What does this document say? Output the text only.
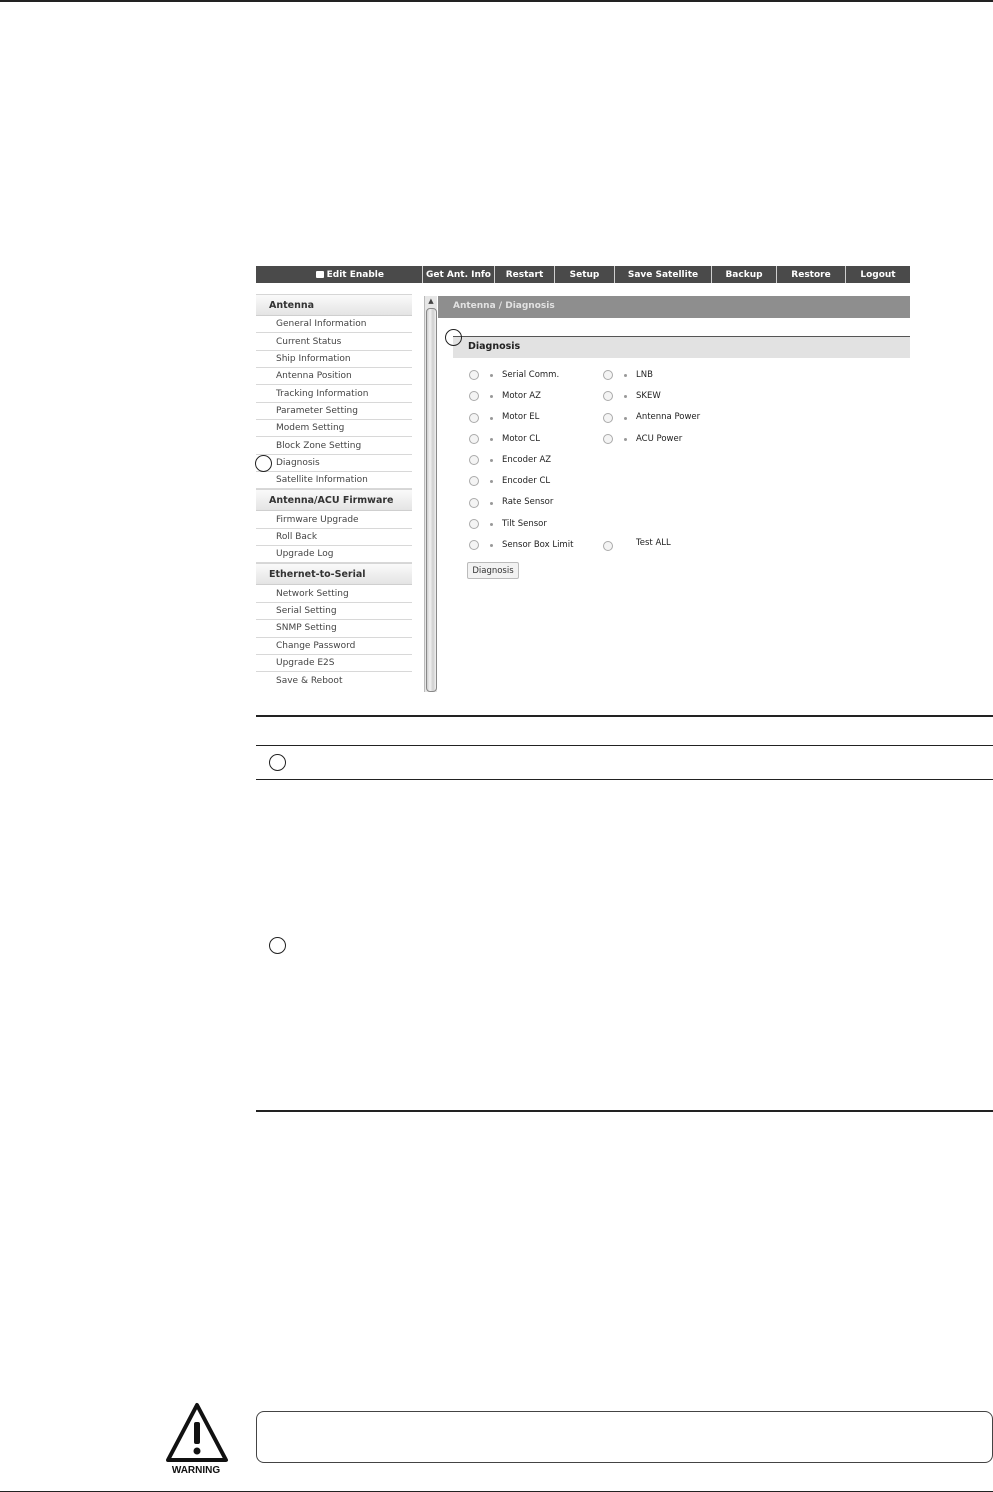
Edit Enable	Get Ant. Info	Restart	Setup	Save Satellite	Backup	Restore	Logout
Antenna
General Information
Current Status
Ship Information
Antenna Position
Tracking Information
Parameter Setting
Modem Setting
Block Zone Setting
Diagnosis
Satellite Information
Antenna/ACU Firmware
Firmware Upgrade
Roll Back
Upgrade Log
Ethernet-to-Serial
Network Setting
Serial Setting
SNMP Setting
Change Password
Upgrade E2S
Save & Reboot
▲	Antenna / Diagnosis
Diagnosis
Serial Comm.
Motor AZ
Motor EL
Motor CL
Encoder AZ
Encoder CL
Rate Sensor
Tilt Sensor
Sensor Box Limit
LNB
SKEW
Antenna Power
ACU Power
Test ALL
Diagnosis
WARNING
